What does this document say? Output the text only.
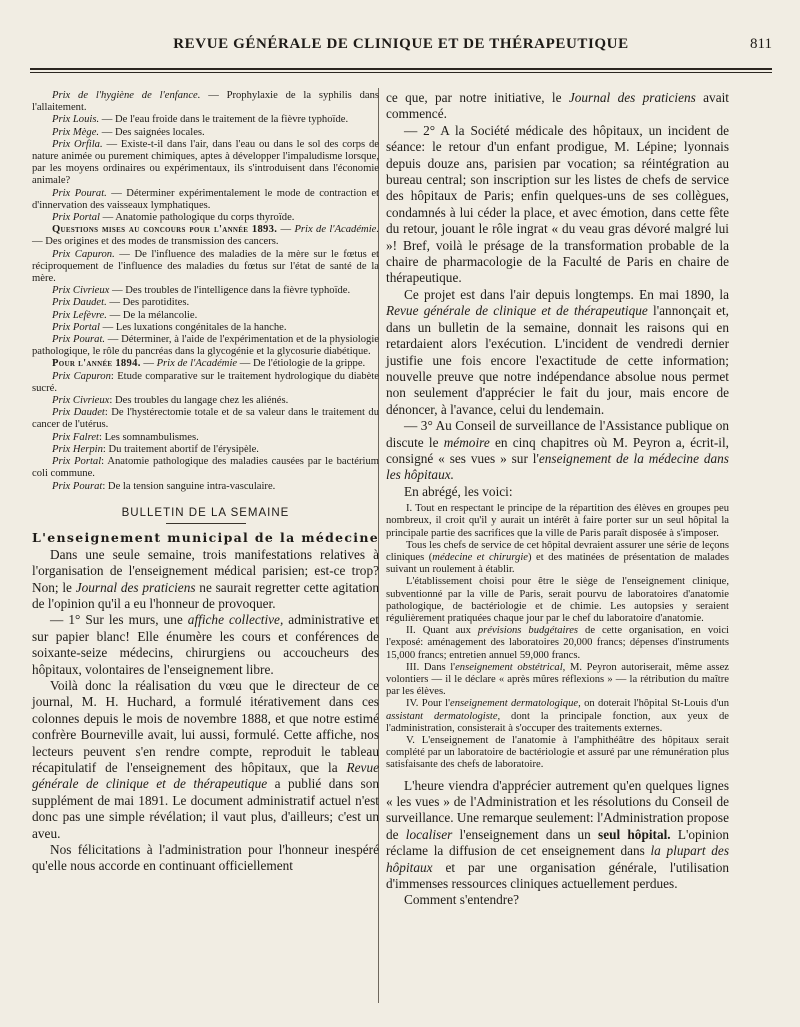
REVUE GÉNÉRALE DE CLINIQUE ET DE THÉRAPEUTIQUE	811

Prix de l'hygiène de l'enfance. — Prophylaxie de la syphilis dans l'allaitement.

Prix Louis. — De l'eau froide dans le traitement de la fièvre typhoïde.

Prix Mège. — Des saignées locales.

Prix Orfila. — Existe-t-il dans l'air, dans l'eau ou dans le sol des corps de nature animée ou purement chimiques, aptes à développer l'impaludisme lorsque, par les moyens ordinaires ou expérimentaux, ils s'introduisent dans l'économie animale?

Prix Pourat. — Déterminer expérimentalement le mode de contraction et d'innervation des vaisseaux lymphatiques.

Prix Portal — Anatomie pathologique du corps thyroïde.

Questions mises au concours pour l'année 1893. — Prix de l'Académie. — Des origines et des modes de transmission des cancers.

Prix Capuron. — De l'influence des maladies de la mère sur le fœtus et réciproquement de l'influence des maladies du fœtus sur l'état de santé de la mère.

Prix Civrieux — Des troubles de l'intelligence dans la fièvre typhoïde.

Prix Daudet. — Des parotidites.

Prix Lefèvre. — De la mélancolie.

Prix Portal — Les luxations congénitales de la hanche.

Prix Pourat. — Déterminer, à l'aide de l'expérimentation et de la physiologie pathologique, le rôle du pancréas dans la glycogénie et la glycosurie diabétique.

Pour l'année 1894. — Prix de l'Académie — De l'étiologie de la grippe.

Prix Capuron: Etude comparative sur le traitement hydrologique du diabète sucré.

Prix Civrieux: Des troubles du langage chez les aliénés.

Prix Daudet: De l'hystérectomie totale et de sa valeur dans le traitement du cancer de l'utérus.

Prix Falret: Les somnambulismes.

Prix Herpin: Du traitement abortif de l'érysipèle.

Prix Portal: Anatomie pathologique des maladies causées par le bactérium coli commune.

Prix Pourat: De la tension sanguine intra-vasculaire.

BULLETIN DE LA SEMAINE
L'enseignement municipal de la médecine

Dans une seule semaine, trois manifestations relatives à l'organisation de l'enseignement médical parisien; est-ce trop? Non; le Journal des praticiens ne saurait regretter cette agitation de l'opinion qu'il a eu l'honneur de provoquer.

— 1° Sur les murs, une affiche collective, administrative et sur papier blanc! Elle énumère les cours et conférences de soixante-seize médecins, chirurgiens ou accoucheurs des hôpitaux, volontaires de l'enseignement libre.

Voilà donc la réalisation du vœu que le directeur de ce journal, M. H. Huchard, a formulé itérativement dans ces colonnes depuis le mois de novembre 1888, et que notre estimé confrère Bourneville avait, lui aussi, formulé. Cette affiche, nos lecteurs peuvent s'en rendre compte, reproduit le tableau récapitulatif de l'enseignement des hôpitaux, que la Revue générale de clinique et de thérapeutique a publié dans son supplément de mai 1891. Le document administratif actuel n'est donc pas une simple révélation; il vaut plus, d'ailleurs; c'est un aveu.

Nos félicitations à l'administration pour l'honneur inespéré qu'elle nous accorde en continuant officiellement

ce que, par notre initiative, le Journal des praticiens avait commencé.

— 2° A la Société médicale des hôpitaux, un incident de séance: le retour d'un enfant prodigue, M. Lépine; lyonnais depuis douze ans, parisien par vocation; sa réintégration au bureau central; son inscription sur les listes de chefs de service des hôpitaux de Paris; enfin quelques-uns de ses collègues, condamnés à lui céder la place, et avec émotion, dans cette fête du retour, jouant le rôle ingrat « du veau gras dévoré malgré lui »! Bref, voilà le présage de la transformation probable de la chaire de pharmacologie de la Faculté de Paris en chaire de thérapeutique.

Ce projet est dans l'air depuis longtemps. En mai 1890, la Revue générale de clinique et de thérapeutique l'annonçait et, dans un bulletin de la semaine, donnait les raisons qui en retardaient alors l'exécution. L'incident de vendredi dernier justifie une fois encore l'exactitude de cette information; nouvelle preuve que notre indépendance absolue nous permet non seulement d'apprécier le fait du jour, mais encore de dénoncer, à l'avance, celui du lendemain.

— 3° Au Conseil de surveillance de l'Assistance publique on discute le mémoire en cinq chapitres où M. Peyron a, écrit-il, consigné « ses vues » sur l'enseignement de la médecine dans les hôpitaux.

En abrégé, les voici:

I. Tout en respectant le principe de la répartition des élèves en groupes peu nombreux, il croit qu'il y aurait un intérêt à faire porter sur un seul hôpital la principale partie des sacrifices que la ville de Paris paraît disposée à s'imposer.

Tous les chefs de service de cet hôpital devraient assurer une série de leçons cliniques (médecine et chirurgie) et des matinées de présentation de malades suivant un roulement à établir.

L'établissement choisi pour être le siège de l'enseignement clinique, subventionné par la ville de Paris, serait pourvu de laboratoires d'anatomie pathologique, de bactériologie et de chimie. Les autopsies y seraient régulièrement pratiquées chaque jour par le chef du laboratoire d'anatomie.

II. Quant aux prévisions budgétaires de cette organisation, en voici l'exposé: aménagement des laboratoires 20,000 francs; dépenses d'instruments 15,000 francs; entretien annuel 59,000 francs.

III. Dans l'enseignement obstétrical, M. Peyron autoriserait, même assez volontiers — il le déclare « après mûres réflexions » — la rétribution du maître par les élèves.

IV. Pour l'enseignement dermatologique, on doterait l'hôpital St-Louis d'un assistant dermatologiste, dont la principale fonction, aux yeux de l'administration, consisterait à s'occuper des traitements externes.

V. L'enseignement de l'anatomie à l'amphithéâtre des hôpitaux serait complété par un laboratoire de bactériologie et assuré par une rémunération plus satisfaisante des chefs de laboratoire.

L'heure viendra d'apprécier autrement qu'en quelques lignes « les vues » de l'Administration et les résolutions du Conseil de surveillance. Une remarque seulement: l'Administration propose de localiser l'enseignement dans un seul hôpital. L'opinion réclame la diffusion de cet enseignement dans la plupart des hôpitaux et par une organisation générale, l'utilisation d'immenses ressources cliniques actuellement perdues.

Comment s'entendre?
